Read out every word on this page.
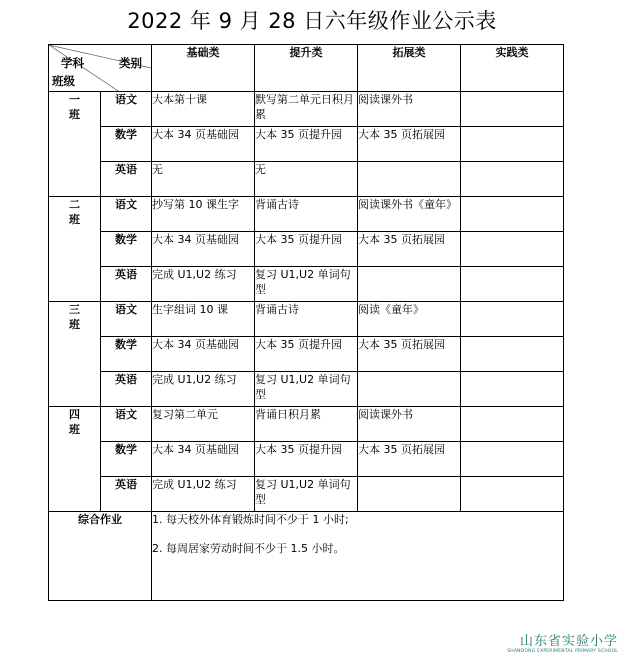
2022 年 9 月 28 日六年级作业公示表
学科 类别
班级		基础类	提升类	拓展类	实践类

一
班	语文	大本第十课	默写第二单元日积月累	阅读课外书	
	数学	大本 34 页基础园	大本 35 页提升园	大本 35 页拓展园	
	英语	无	无		

二
班	语文	抄写第 10 课生字	背诵古诗	阅读课外书《童年》	
	数学	大本 34 页基础园	大本 35 页提升园	大本 35 页拓展园	
	英语	完成 U1,U2 练习	复习 U1,U2 单词句型		

三
班	语文	生字组词 10 课	背诵古诗	阅读《童年》	
	数学	大本 34 页基础园	大本 35 页提升园	大本 35 页拓展园	
	英语	完成 U1,U2 练习	复习 U1,U2 单词句型		

四
班	语文	复习第二单元	背诵日积月累	阅读课外书	
	数学	大本 34 页基础园	大本 35 页提升园	大本 35 页拓展园	
	英语	完成 U1,U2 练习	复习 U1,U2 单词句型		
综合作业		1. 每天校外体育锻炼时间不少于 1 小时;
2. 每周居家劳动时间不少于 1.5 小时。			
山东省实验小学
SHANDONG EXPERIMENTAL PRIMARY SCHOOL
